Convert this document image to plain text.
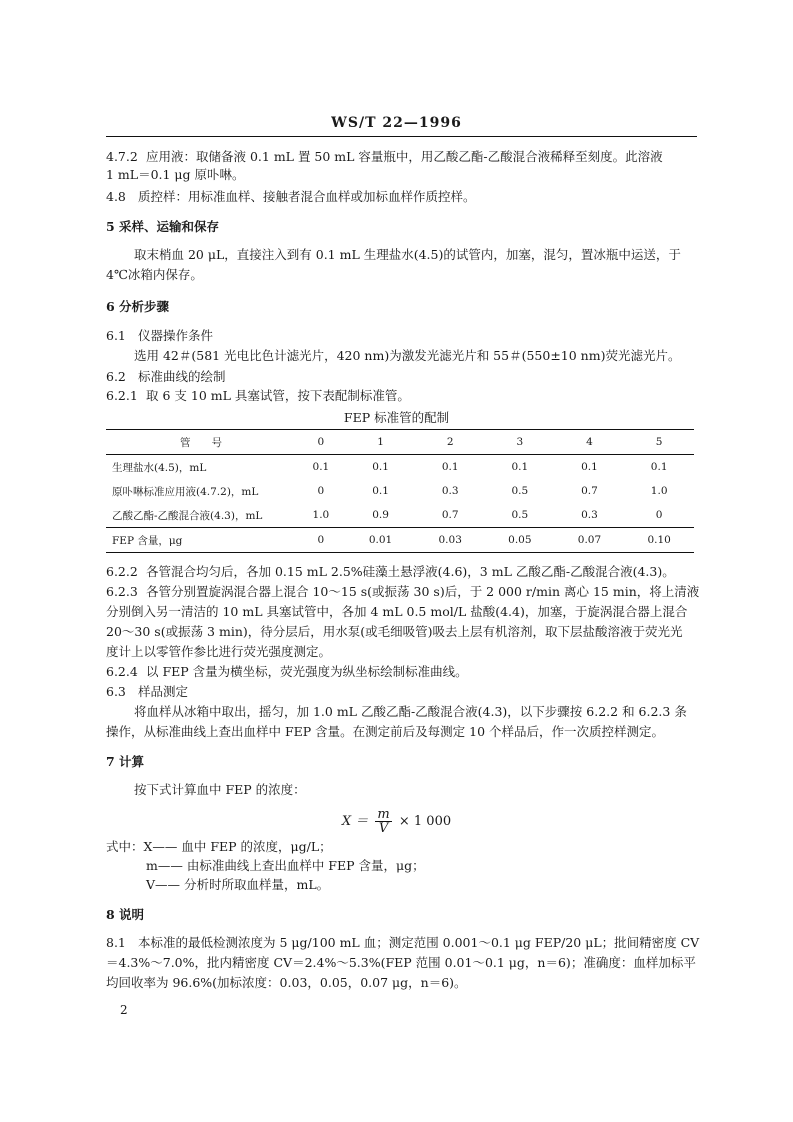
WS/T 22—1996
4.7.2 应用液：取储备液 0.1 mL 置 50 mL 容量瓶中，用乙酸乙酯-乙酸混合液稀释至刻度。此溶液
1 mL＝0.1 μg 原卟啉。
4.8 质控样：用标准血样、接触者混合血样或加标血样作质控样。
5 采样、运输和保存
取末梢血 20 μL，直接注入到有 0.1 mL 生理盐水(4.5)的试管内，加塞，混匀，置冰瓶中运送，于
4℃冰箱内保存。
6 分析步骤
6.1 仪器操作条件
选用 42＃(581 光电比色计滤光片，420 nm)为激发光滤光片和 55＃(550±10 nm)荧光滤光片。
6.2 标准曲线的绘制
6.2.1 取 6 支 10 mL 具塞试管，按下表配制标准管。
FEP 标准管的配制
管　　号	0	1	2	3	4	5
生理盐水(4.5)，mL	0.1	0.1	0.1	0.1	0.1	0.1
原卟啉标准应用液(4.7.2)，mL	0	0.1	0.3	0.5	0.7	1.0
乙酸乙酯-乙酸混合液(4.3)，mL	1.0	0.9	0.7	0.5	0.3	0
FEP 含量，μg	0	0.01	0.03	0.05	0.07	0.10
6.2.2 各管混合均匀后，各加 0.15 mL 2.5%硅藻土悬浮液(4.6)，3 mL 乙酸乙酯-乙酸混合液(4.3)。
6.2.3 各管分别置旋涡混合器上混合 10～15 s(或振荡 30 s)后，于 2 000 r/min 离心 15 min，将上清液
分别倒入另一清洁的 10 mL 具塞试管中，各加 4 mL 0.5 mol/L 盐酸(4.4)，加塞，于旋涡混合器上混合
20～30 s(或振荡 3 min)，待分层后，用水泵(或毛细吸管)吸去上层有机溶剂，取下层盐酸溶液于荧光光
度计上以零管作参比进行荧光强度测定。
6.2.4 以 FEP 含量为横坐标，荧光强度为纵坐标绘制标准曲线。
6.3 样品测定
将血样从冰箱中取出，摇匀，加 1.0 mL 乙酸乙酯-乙酸混合液(4.3)，以下步骤按 6.2.2 和 6.2.3 条
操作，从标准曲线上查出血样中 FEP 含量。在测定前后及每测定 10 个样品后，作一次质控样测定。
7 计算
按下式计算血中 FEP 的浓度：
$X = \frac{m}{V} \times 1$ 000
式中：X—— 血中 FEP 的浓度，μg/L；
m—— 由标准曲线上查出血样中 FEP 含量，μg；
V—— 分析时所取血样量，mL。
8 说明
8.1 本标准的最低检测浓度为 5 μg/100 mL 血；测定范围 0.001～0.1 μg FEP/20 μL；批间精密度 CV
＝4.3%～7.0%，批内精密度 CV＝2.4%～5.3%(FEP 范围 0.01～0.1 μg，n＝6)；准确度：血样加标平
均回收率为 96.6%(加标浓度：0.03，0.05，0.07 μg，n＝6)。
2
